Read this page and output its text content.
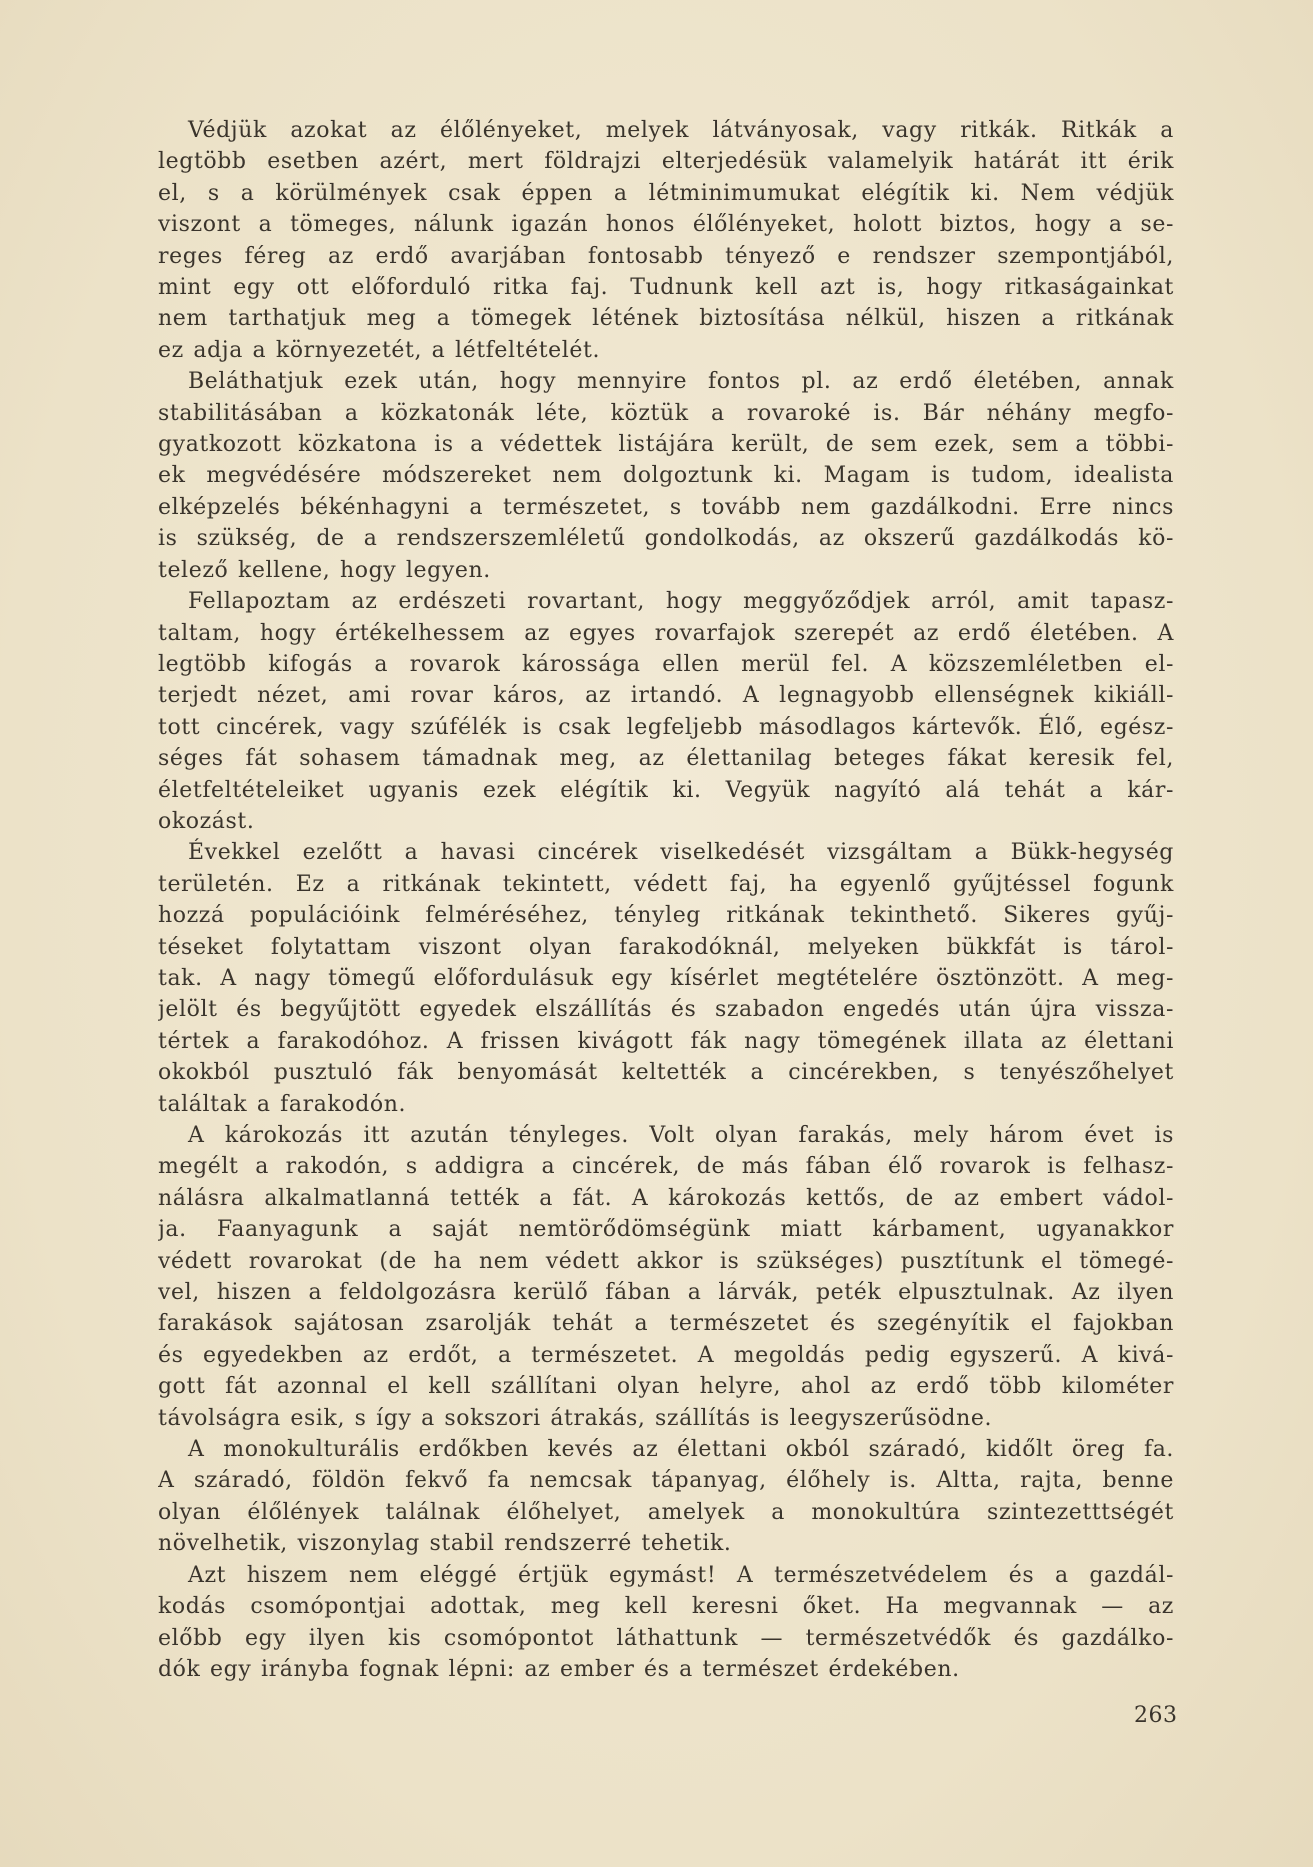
Védjük azokat az élőlényeket, melyek látványosak, vagy ritkák. Ritkák a
legtöbb esetben azért, mert földrajzi elterjedésük valamelyik határát itt érik
el, s a körülmények csak éppen a létminimumukat elégítik ki. Nem védjük
viszont a tömeges, nálunk igazán honos élőlényeket, holott biztos, hogy a se-
reges féreg az erdő avarjában fontosabb tényező e rendszer szempontjából,
mint egy ott előforduló ritka faj. Tudnunk kell azt is, hogy ritkaságainkat
nem tarthatjuk meg a tömegek létének biztosítása nélkül, hiszen a ritkának
ez adja a környezetét, a létfeltételét.

Beláthatjuk ezek után, hogy mennyire fontos pl. az erdő életében, annak
stabilitásában a közkatonák léte, köztük a rovaroké is. Bár néhány megfo-
gyatkozott közkatona is a védettek listájára került, de sem ezek, sem a többi-
ek megvédésére módszereket nem dolgoztunk ki. Magam is tudom, idealista
elképzelés békénhagyni a természetet, s tovább nem gazdálkodni. Erre nincs
is szükség, de a rendszerszemléletű gondolkodás, az okszerű gazdálkodás kö-
telező kellene, hogy legyen.

Fellapoztam az erdészeti rovartant, hogy meggyőződjek arról, amit tapasz-
taltam, hogy értékelhessem az egyes rovarfajok szerepét az erdő életében. A
legtöbb kifogás a rovarok károssága ellen merül fel. A közszemléletben el-
terjedt nézet, ami rovar káros, az irtandó. A legnagyobb ellenségnek kikiáll-
tott cincérek, vagy szúfélék is csak legfeljebb másodlagos kártevők. Élő, egész-
séges fát sohasem támadnak meg, az élettanilag beteges fákat keresik fel,
életfeltételeiket ugyanis ezek elégítik ki. Vegyük nagyító alá tehát a kár-
okozást.

Évekkel ezelőtt a havasi cincérek viselkedését vizsgáltam a Bükk-hegység
területén. Ez a ritkának tekintett, védett faj, ha egyenlő gyűjtéssel fogunk
hozzá populációink felméréséhez, tényleg ritkának tekinthető. Sikeres gyűj-
téseket folytattam viszont olyan farakodóknál, melyeken bükkfát is tárol-
tak. A nagy tömegű előfordulásuk egy kísérlet megtételére ösztönzött. A meg-
jelölt és begyűjtött egyedek elszállítás és szabadon engedés után újra vissza-
tértek a farakodóhoz. A frissen kivágott fák nagy tömegének illata az élettani
okokból pusztuló fák benyomását keltették a cincérekben, s tenyészőhelyet
találtak a farakodón.

A károkozás itt azután tényleges. Volt olyan farakás, mely három évet is
megélt a rakodón, s addigra a cincérek, de más fában élő rovarok is felhasz-
nálásra alkalmatlanná tették a fát. A károkozás kettős, de az embert vádol-
ja. Faanyagunk a saját nemtörődömségünk miatt kárbament, ugyanakkor
védett rovarokat (de ha nem védett akkor is szükséges) pusztítunk el tömegé-
vel, hiszen a feldolgozásra kerülő fában a lárvák, peték elpusztulnak. Az ilyen
farakások sajátosan zsarolják tehát a természetet és szegényítik el fajokban
és egyedekben az erdőt, a természetet. A megoldás pedig egyszerű. A kivá-
gott fát azonnal el kell szállítani olyan helyre, ahol az erdő több kilométer
távolságra esik, s így a sokszori átrakás, szállítás is leegyszerűsödne.

A monokulturális erdőkben kevés az élettani okból száradó, kidőlt öreg fa.
A száradó, földön fekvő fa nemcsak tápanyag, élőhely is. Altta, rajta, benne
olyan élőlények találnak élőhelyet, amelyek a monokultúra szintezetttségét
növelhetik, viszonylag stabil rendszerré tehetik.

Azt hiszem nem eléggé értjük egymást! A természetvédelem és a gazdál-
kodás csomópontjai adottak, meg kell keresni őket. Ha megvannak — az
előbb egy ilyen kis csomópontot láthattunk — természetvédők és gazdálko-
dók egy irányba fognak lépni: az ember és a természet érdekében.

263
